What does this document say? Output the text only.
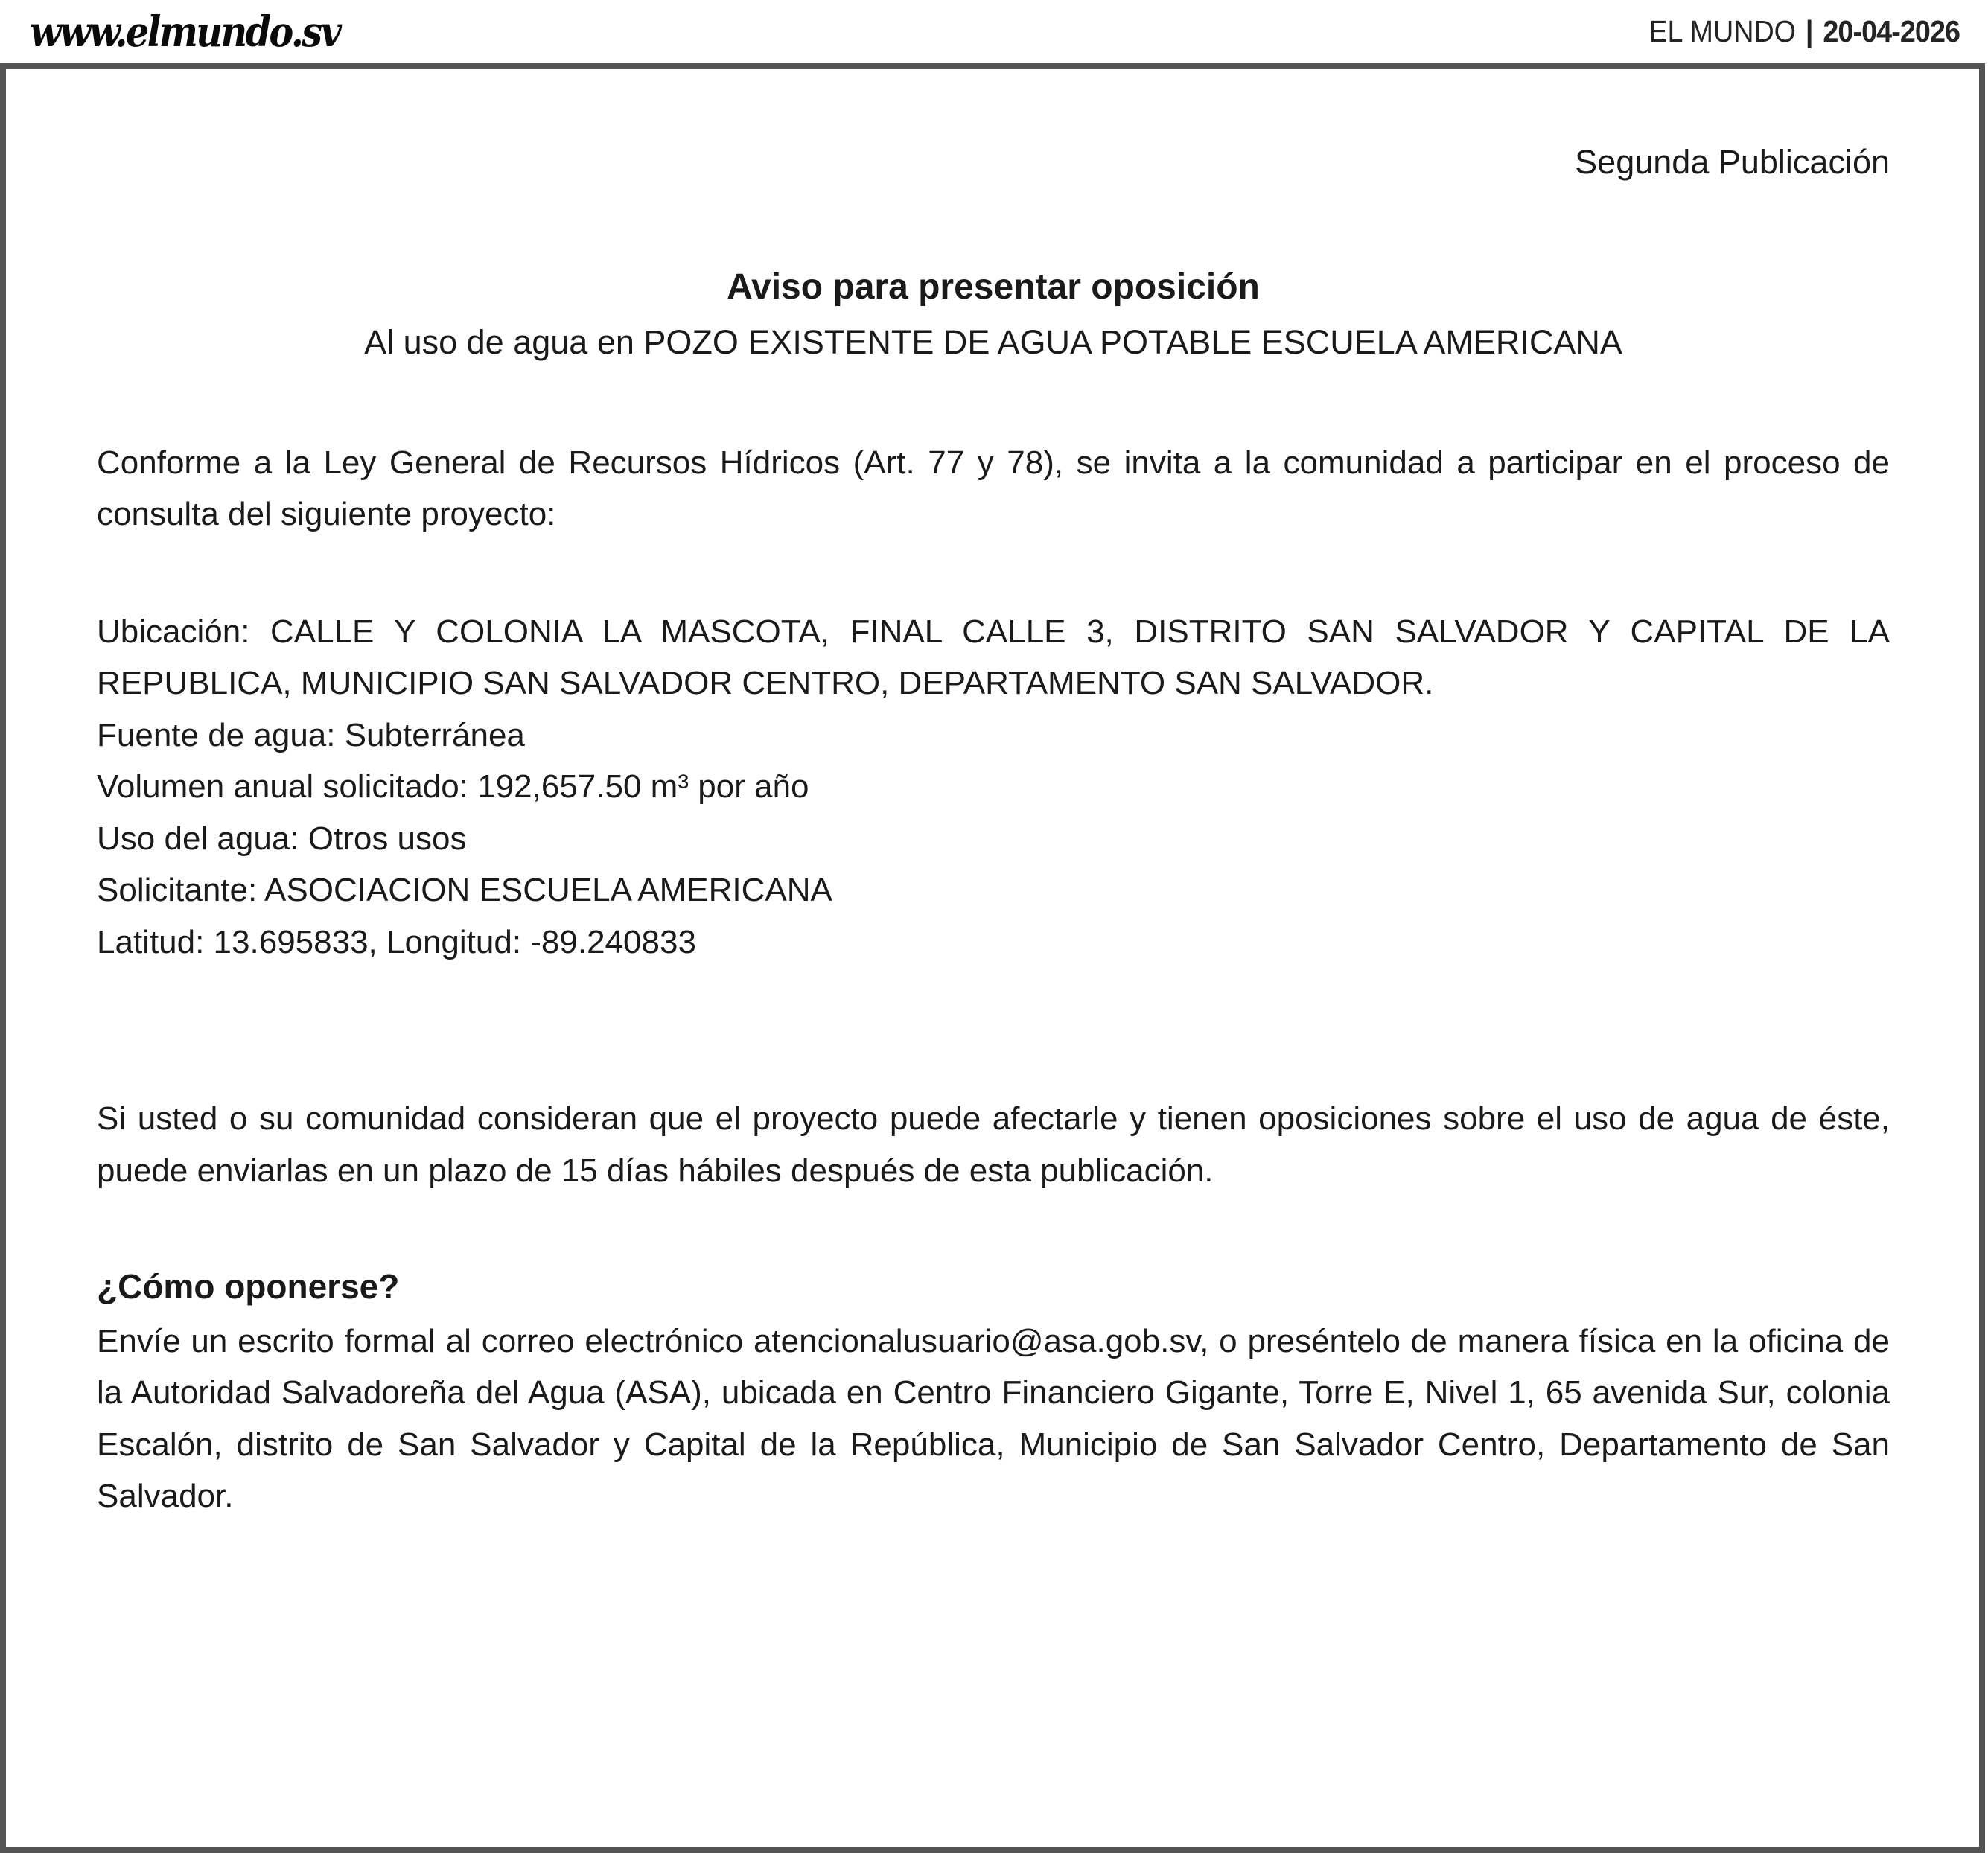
www.elmundo.sv	EL MUNDO | 20-04-2026
Segunda Publicación
Aviso para presentar oposición
Al uso de agua en POZO EXISTENTE DE AGUA POTABLE ESCUELA AMERICANA

Conforme a la Ley General de Recursos Hídricos (Art. 77 y 78), se invita a la comunidad a participar en el proceso de consulta del siguiente proyecto:

Ubicación: CALLE Y COLONIA LA MASCOTA, FINAL CALLE 3, DISTRITO SAN SALVADOR Y CAPITAL DE LA REPUBLICA, MUNICIPIO SAN SALVADOR CENTRO, DEPARTAMENTO SAN SALVADOR.

Fuente de agua: Subterránea

Volumen anual solicitado: 192,657.50 m³ por año

Uso del agua: Otros usos

Solicitante: ASOCIACION ESCUELA AMERICANA

Latitud: 13.695833, Longitud: -89.240833

Si usted o su comunidad consideran que el proyecto puede afectarle y tienen oposiciones sobre el uso de agua de éste, puede enviarlas en un plazo de 15 días hábiles después de esta publicación.

¿Cómo oponerse?

Envíe un escrito formal al correo electrónico atencionalusuario@asa.gob.sv, o preséntelo de manera física en la oficina de la Autoridad Salvadoreña del Agua (ASA), ubicada en Centro Financiero Gigante, Torre E, Nivel 1, 65 avenida Sur, colonia Escalón, distrito de San Salvador y Capital de la República, Municipio de San Salvador Centro, Departamento de San Salvador.
